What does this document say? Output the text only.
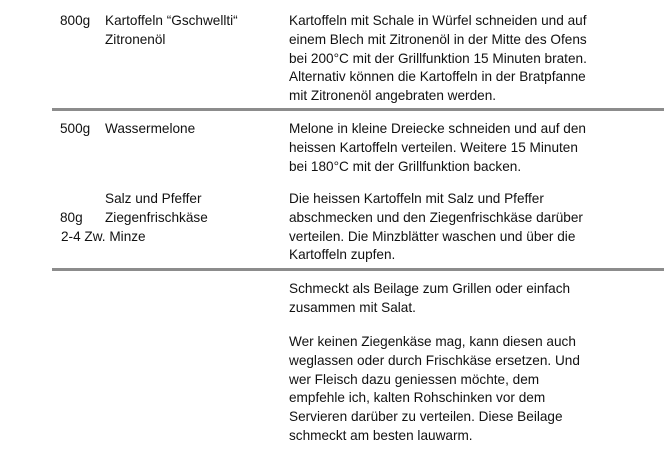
800g Kartoffeln “Gschwellti“
Zitronenöl

Kartoffeln mit Schale in Würfel schneiden und auf

einem Blech mit Zitronenöl in der Mitte des Ofens

bei 200°C mit der Grillfunktion 15 Minuten braten.

Alternativ können die Kartoffeln in der Bratpfanne

mit Zitronenöl angebraten werden.

500g Wassermelone	Melone in kleine Dreiecke schneiden und auf den

heissen Kartoffeln verteilen. Weitere 15 Minuten

bei 180°C mit der Grillfunktion backen.

Salz und Pfeffer
80g Ziegenfrischkäse
2-4 Zw. Minze

Die heissen Kartoffeln mit Salz und Pfeffer

abschmecken und den Ziegenfrischkäse darüber

verteilen. Die Minzblätter waschen und über die

Kartoffeln zupfen.

Schmeckt als Beilage zum Grillen oder einfach

zusammen mit Salat.

Wer keinen Ziegenkäse mag, kann diesen auch

weglassen oder durch Frischkäse ersetzen. Und

wer Fleisch dazu geniessen möchte, dem

empfehle ich, kalten Rohschinken vor dem

Servieren darüber zu verteilen. Diese Beilage

schmeckt am besten lauwarm.
